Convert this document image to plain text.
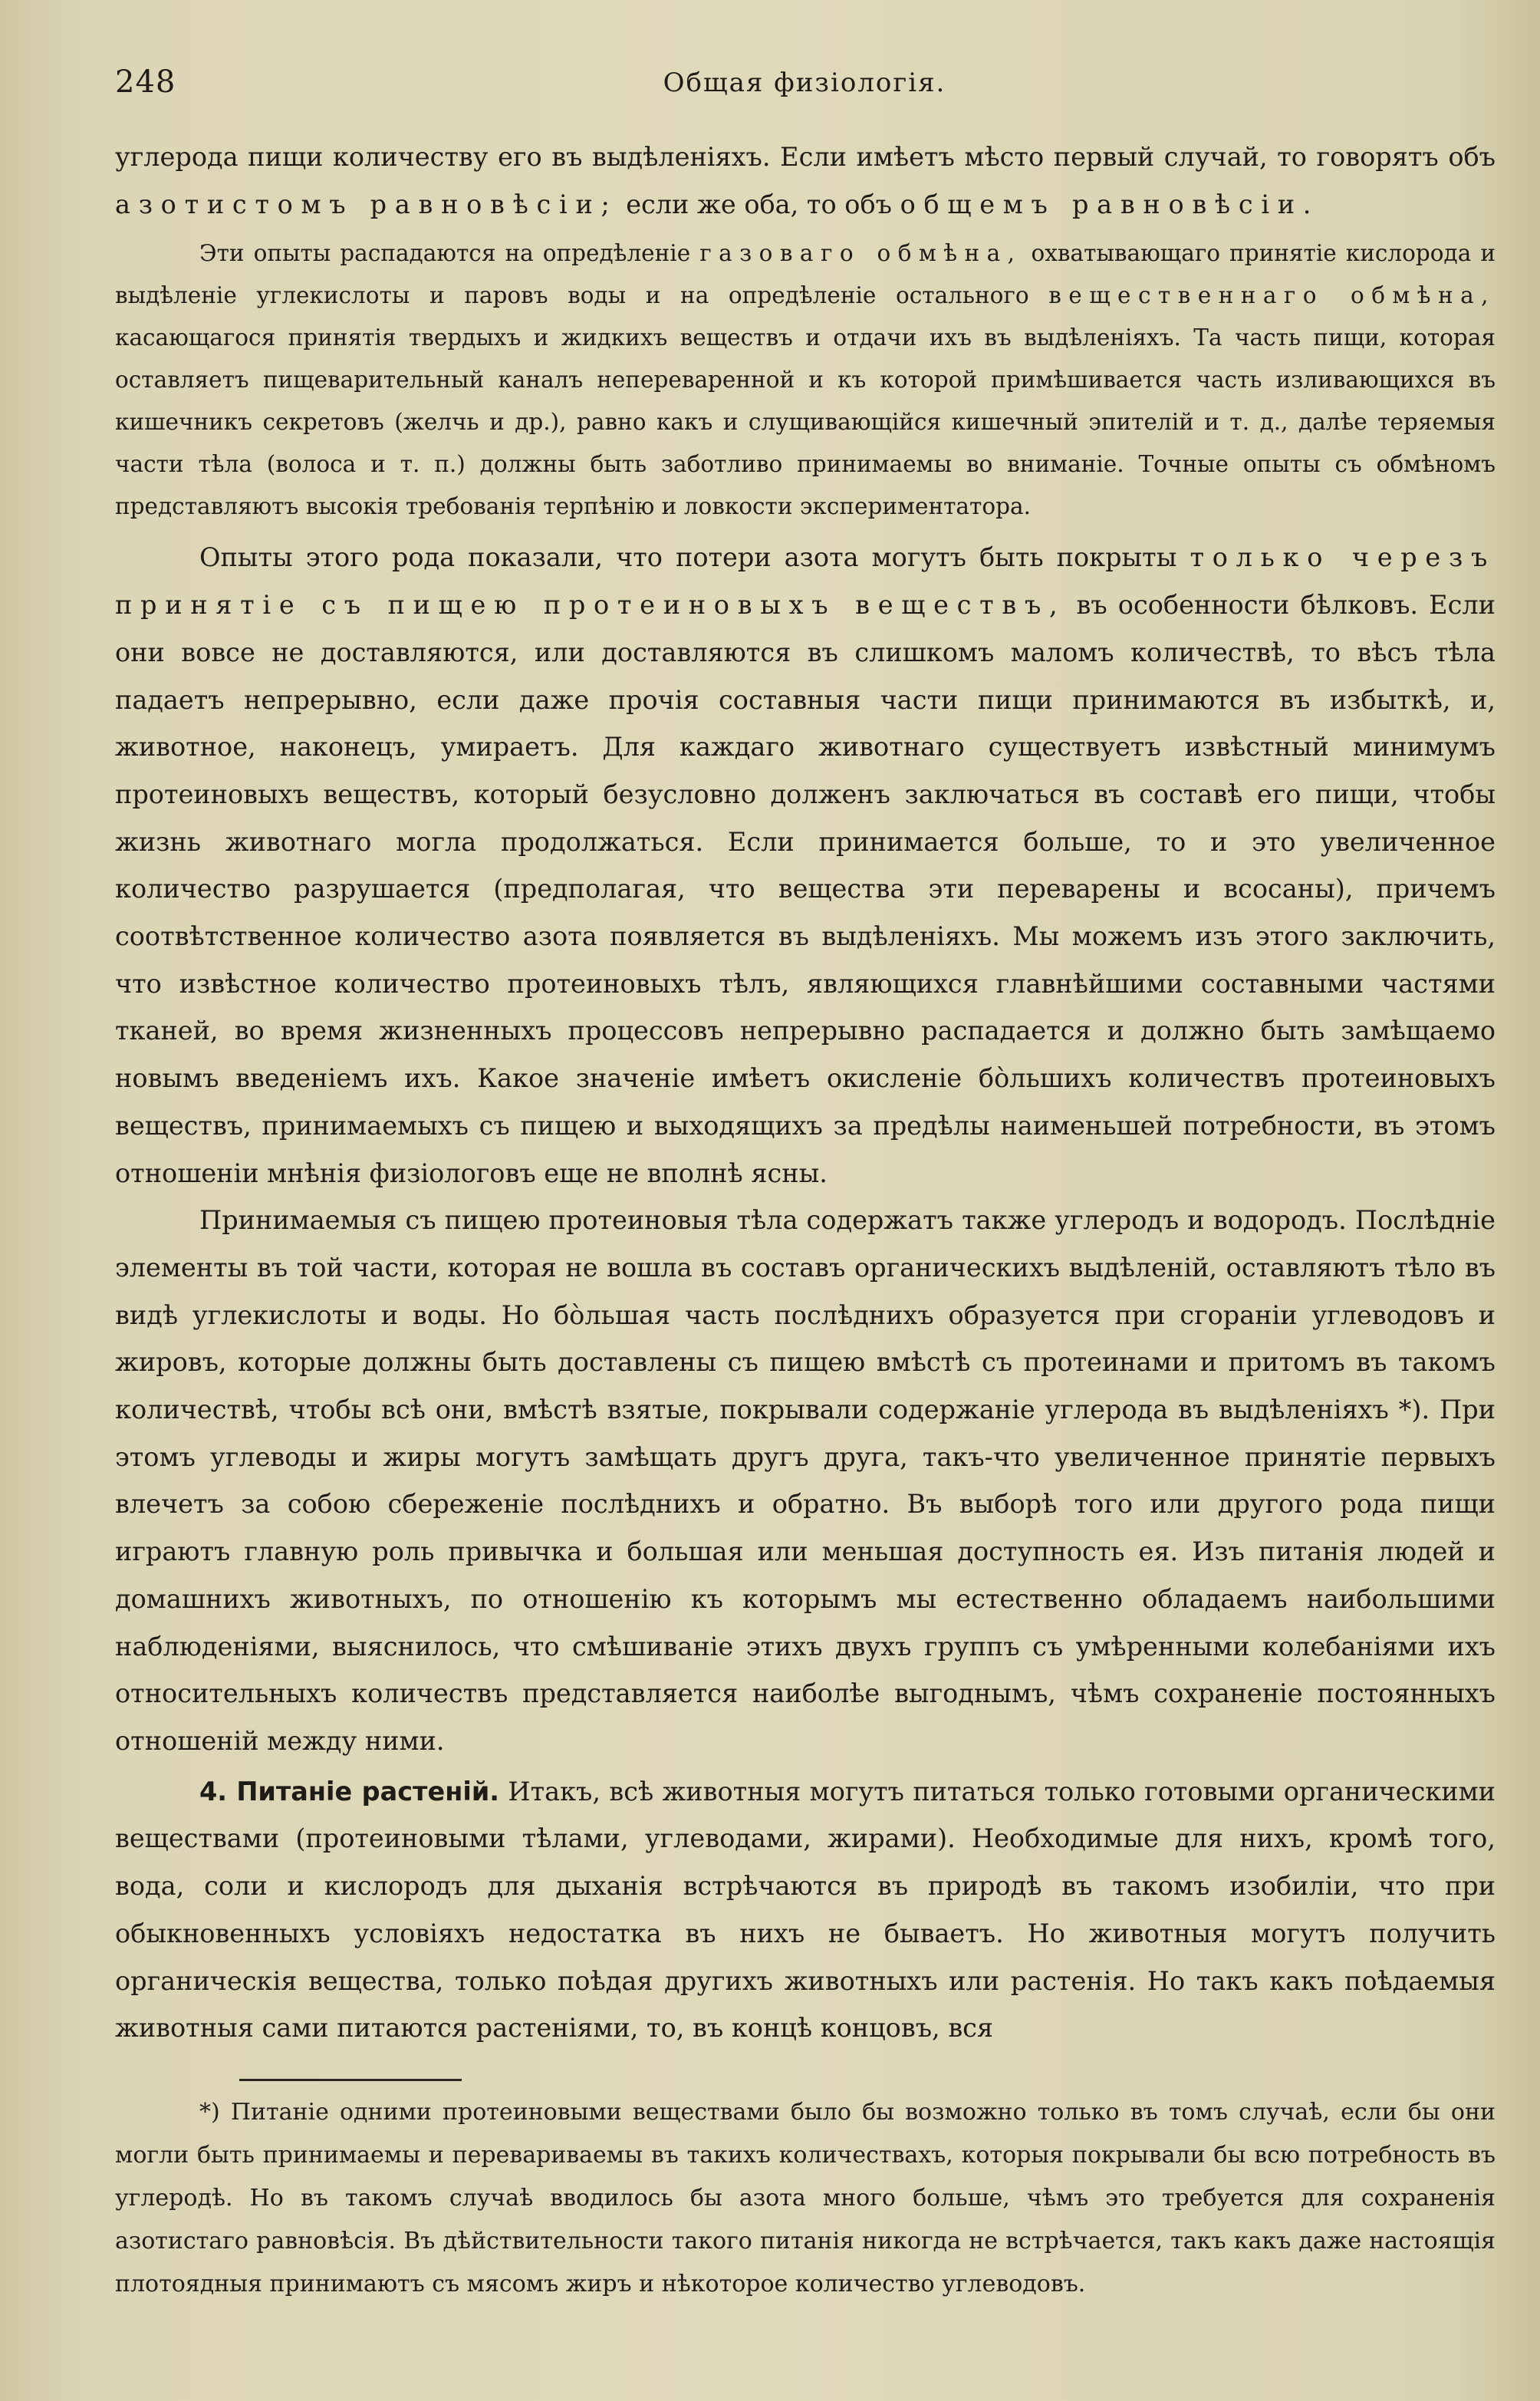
248	Общая физiологiя.

углерода пищи количеству его въ выдѣленiяхъ. Если имѣетъ мѣсто первый случай, то говорятъ объ азотистомъ равновѣсiи; если же оба, то объ общемъ равновѣсiи.

Эти опыты распадаются на опредѣленiе газоваго обмѣна, охватывающаго принятiе кислорода и выдѣленiе углекислоты и паровъ воды и на опредѣленiе остального вещественнаго обмѣна, касающагося принятiя твердыхъ и жидкихъ веществъ и отдачи ихъ въ выдѣленiяхъ. Та часть пищи, которая оставляетъ пищеварительный каналъ непереваренной и къ которой примѣшивается часть изливающихся въ кишечникъ секретовъ (желчь и др.), равно какъ и слущивающiйся кишечный эпителiй и т. д., далѣе теряемыя части тѣла (волоса и т. п.) должны быть заботливо принимаемы во вниманiе. Точные опыты съ обмѣномъ представляютъ высокiя требованiя терпѣнiю и ловкости экспериментатора.

Опыты этого рода показали, что потери азота могутъ быть покрыты только черезъ принятiе съ пищею протеиновыхъ веществъ, въ особенности бѣлковъ. Если они вовсе не доставляются, или доставляются въ слишкомъ маломъ количествѣ, то вѣсъ тѣла падаетъ непрерывно, если даже прочiя составныя части пищи принимаются въ избыткѣ, и, животное, наконецъ, умираетъ. Для каждаго животнаго существуетъ извѣстный минимумъ протеиновыхъ веществъ, который безусловно долженъ заключаться въ составѣ его пищи, чтобы жизнь животнаго могла продолжаться. Если принимается больше, то и это увеличенное количество разрушается (предполагая, что вещества эти переварены и всосаны), причемъ соотвѣтственное количество азота появляется въ выдѣленiяхъ. Мы можемъ изъ этого заключить, что извѣстное количество протеиновыхъ тѣлъ, являющихся главнѣйшими составными частями тканей, во время жизненныхъ процессовъ непрерывно распадается и должно быть замѣщаемо новымъ введенiемъ ихъ. Какое значенiе имѣетъ окисленiе бòльшихъ количествъ протеиновыхъ веществъ, принимаемыхъ съ пищею и выходящихъ за предѣлы наименьшей потребности, въ этомъ отношенiи мнѣнiя физiологовъ еще не вполнѣ ясны.

Принимаемыя съ пищею протеиновыя тѣла содержатъ также углеродъ и водородъ. Послѣднiе элементы въ той части, которая не вошла въ составъ органическихъ выдѣленiй, оставляютъ тѣло въ видѣ углекислоты и воды. Но бòльшая часть послѣднихъ образуется при сгоранiи углеводовъ и жировъ, которые должны быть доставлены съ пищею вмѣстѣ съ протеинами и притомъ въ такомъ количествѣ, чтобы всѣ они, вмѣстѣ взятые, покрывали содержанiе углерода въ выдѣленiяхъ *). При этомъ углеводы и жиры могутъ замѣщать другъ друга, такъ-что увеличенное принятiе первыхъ влечетъ за собою сбереженiе послѣднихъ и обратно. Въ выборѣ того или другого рода пищи играютъ главную роль привычка и большая или меньшая доступность ея. Изъ питанiя людей и домашнихъ животныхъ, по отношенiю къ которымъ мы естественно обладаемъ наибольшими наблюденiями, выяснилось, что смѣшиванiе этихъ двухъ группъ съ умѣренными колебанiями ихъ относительныхъ количествъ представляется наиболѣе выгоднымъ, чѣмъ сохраненiе постоянныхъ отношенiй между ними.

4. Питанiе растенiй. Итакъ, всѣ животныя могутъ питаться только готовыми органическими веществами (протеиновыми тѣлами, углеводами, жирами). Необходимые для нихъ, кромѣ того, вода, соли и кислородъ для дыханiя встрѣчаются въ природѣ въ такомъ изобилiи, что при обыкновенныхъ условiяхъ недостатка въ нихъ не бываетъ. Но животныя могутъ получить органическiя вещества, только поѣдая другихъ животныхъ или растенiя. Но такъ какъ поѣдаемыя животныя сами питаются растенiями, то, въ концѣ концовъ, вся

*) Питанiе одними протеиновыми веществами было бы возможно только въ томъ случаѣ, если бы они могли быть принимаемы и перевариваемы въ такихъ количествахъ, которыя покрывали бы всю потребность въ углеродѣ. Но въ такомъ случаѣ вводилось бы азота много больше, чѣмъ это требуется для сохраненiя азотистаго равновѣсiя. Въ дѣйствительности такого питанiя никогда не встрѣчается, такъ какъ даже настоящiя плотоядныя принимаютъ съ мясомъ жиръ и нѣкоторое количество углеводовъ.
